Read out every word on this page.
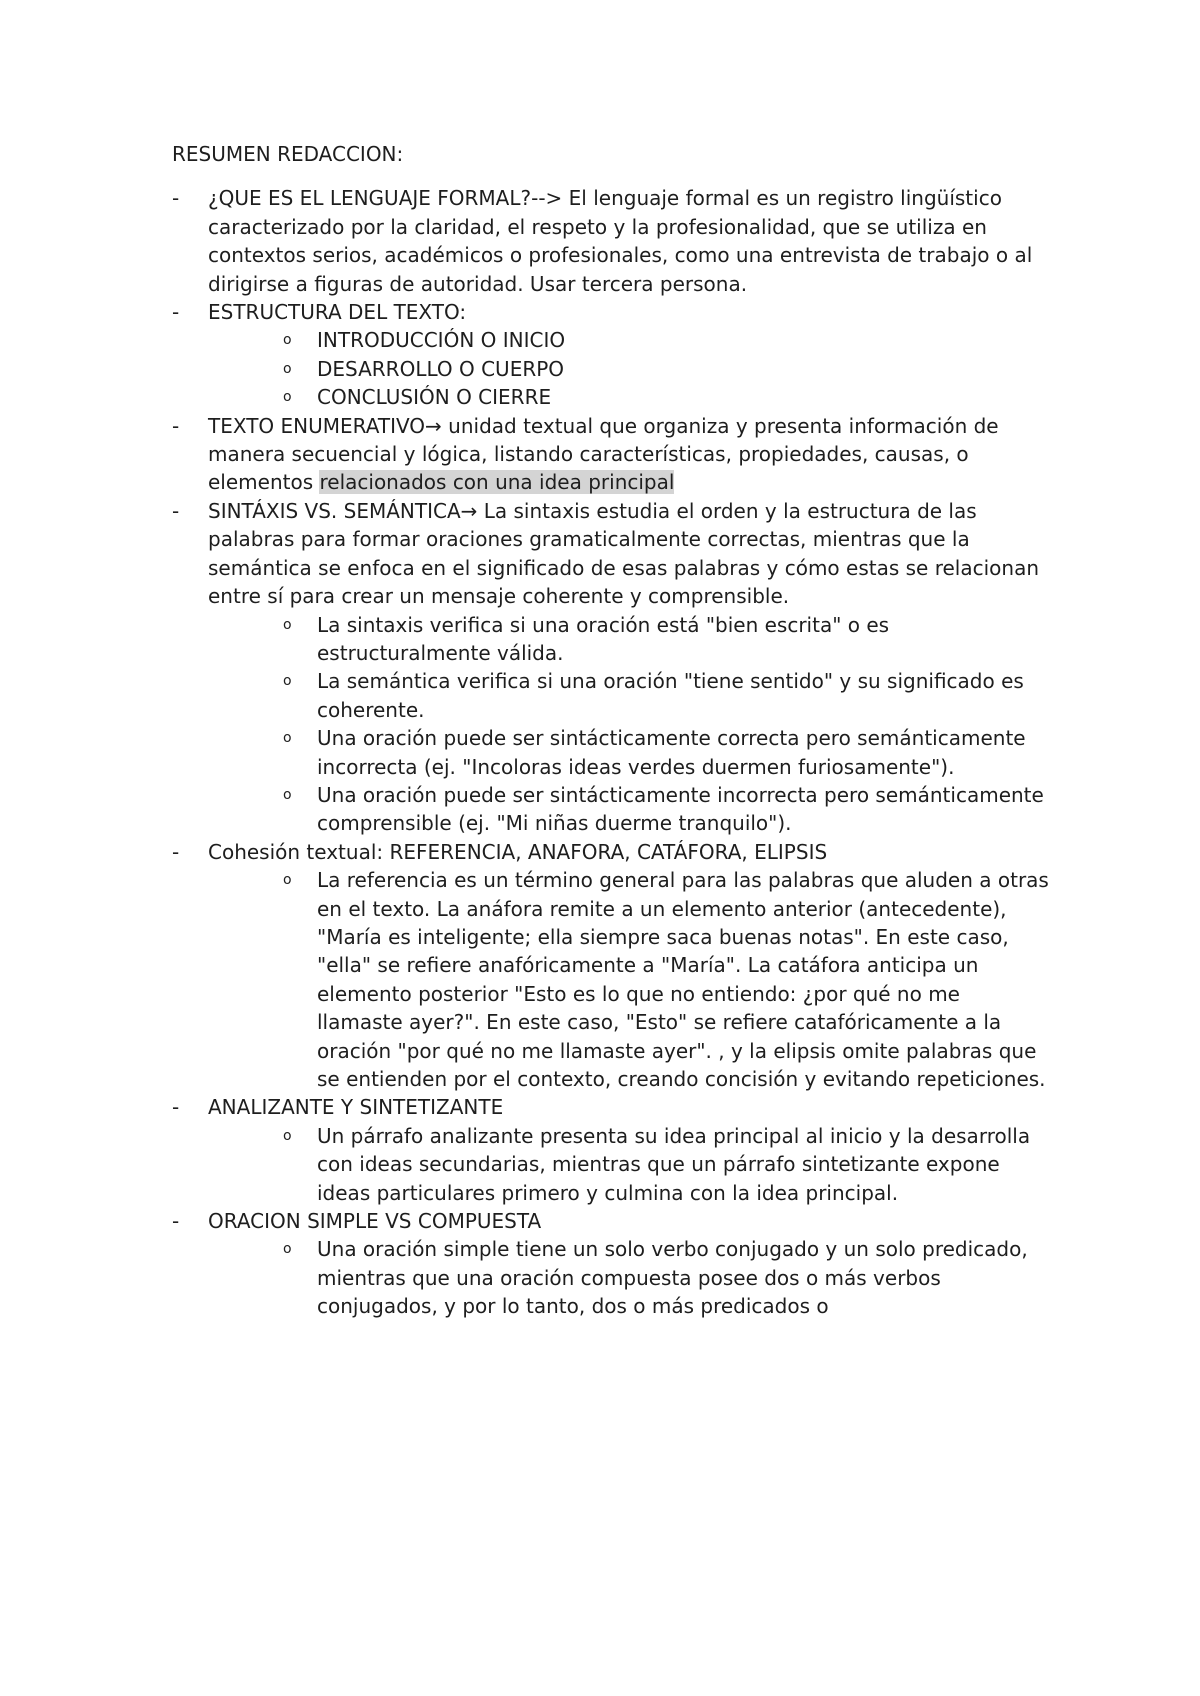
RESUMEN REDACCION:

- ¿QUE ES EL LENGUAJE FORMAL?--> El lenguaje formal es un registro lingüístico caracterizado por la claridad, el respeto y la profesionalidad, que se utiliza en contextos serios, académicos o profesionales, como una entrevista de trabajo o al dirigirse a figuras de autoridad. Usar tercera persona.
- ESTRUCTURA DEL TEXTO:
o INTRODUCCIÓN O INICIO
o DESARROLLO O CUERPO
o CONCLUSIÓN O CIERRE
- TEXTO ENUMERATIVO→ unidad textual que organiza y presenta información de manera secuencial y lógica, listando características, propiedades, causas, o elementos relacionados con una idea principal
- SINTÁXIS VS. SEMÁNTICA→ La sintaxis estudia el orden y la estructura de las palabras para formar oraciones gramaticalmente correctas, mientras que la semántica se enfoca en el significado de esas palabras y cómo estas se relacionan entre sí para crear un mensaje coherente y comprensible.
o La sintaxis verifica si una oración está "bien escrita" o es estructuralmente válida.
o La semántica verifica si una oración "tiene sentido" y su significado es coherente.
o Una oración puede ser sintácticamente correcta pero semánticamente incorrecta (ej. "Incoloras ideas verdes duermen furiosamente").
o Una oración puede ser sintácticamente incorrecta pero semánticamente comprensible (ej. "Mi niñas duerme tranquilo").
- Cohesión textual: REFERENCIA, ANAFORA, CATÁFORA, ELIPSIS
o La referencia es un término general para las palabras que aluden a otras en el texto. La anáfora remite a un elemento anterior (antecedente), "María es inteligente; ella siempre saca buenas notas". En este caso, "ella" se refiere anafóricamente a "María". La catáfora anticipa un elemento posterior "Esto es lo que no entiendo: ¿por qué no me llamaste ayer?". En este caso, "Esto" se refiere catafóricamente a la oración "por qué no me llamaste ayer". , y la elipsis omite palabras que se entienden por el contexto, creando concisión y evitando repeticiones.
- ANALIZANTE Y SINTETIZANTE
o Un párrafo analizante presenta su idea principal al inicio y la desarrolla con ideas secundarias, mientras que un párrafo sintetizante expone ideas particulares primero y culmina con la idea principal.
- ORACION SIMPLE VS COMPUESTA
o Una oración simple tiene un solo verbo conjugado y un solo predicado, mientras que una oración compuesta posee dos o más verbos conjugados, y por lo tanto, dos o más predicados o
